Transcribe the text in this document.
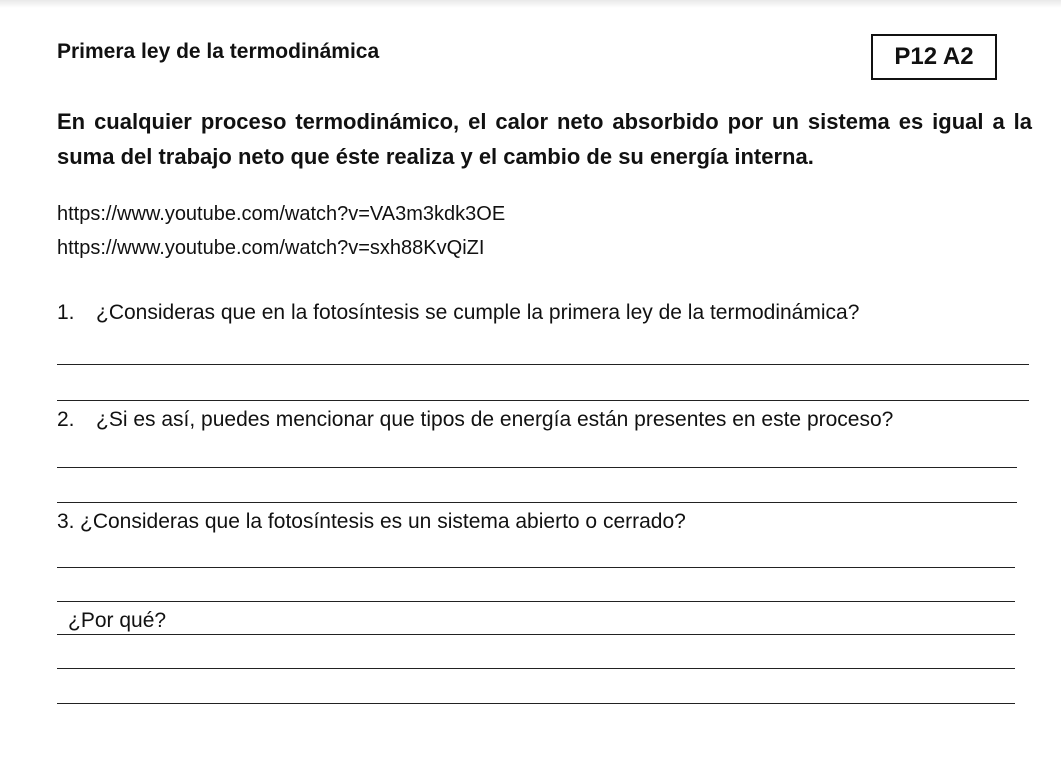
Primera ley de la termodinámica	P12 A2
En cualquier proceso termodinámico, el calor neto absorbido por un sistema es igual a la suma del trabajo neto que éste realiza y el cambio de su energía interna.
https://www.youtube.com/watch?v=VA3m3kdk3OE
https://www.youtube.com/watch?v=sxh88KvQiZI
1. ¿Consideras que en la fotosíntesis se cumple la primera ley de la termodinámica?
2. ¿Si es así, puedes mencionar que tipos de energía están presentes en este proceso?
3. ¿Consideras que la fotosíntesis es un sistema abierto o cerrado?
¿Por qué?
